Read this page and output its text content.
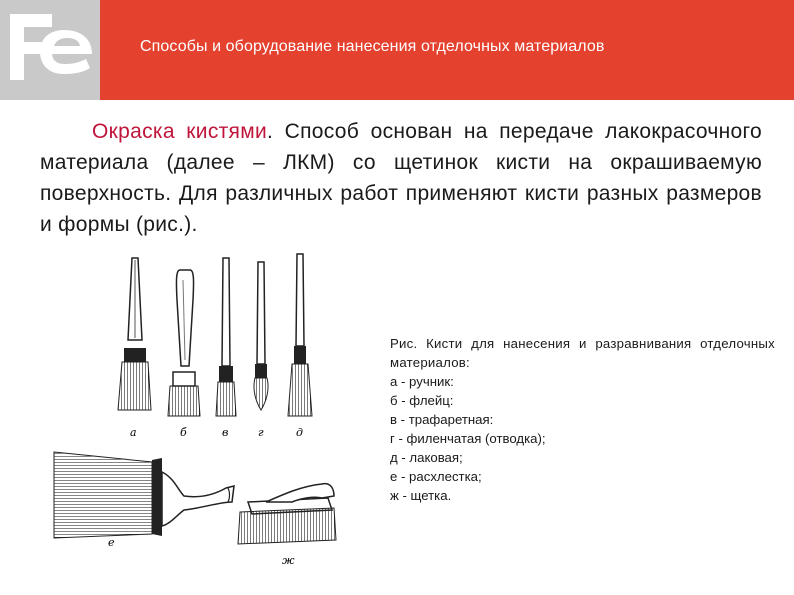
Способы и оборудование нанесения отделочных материалов
Окраска кистями. Способ основан на передаче лакокрасочного материала (далее – ЛКМ) со щетинок кисти на окрашиваемую поверхность. Для различных работ применяют кисти разных размеров и формы (рис.).
а	б	в	г	д
е
ж
Рис. Кисти для нанесения и разравнивания отделочных материалов:
а - ручник:
б - флейц:
в - трафаретная:
г - филенчатая (отводка);
д - лаковая;
е - расхлестка;
ж - щетка.
